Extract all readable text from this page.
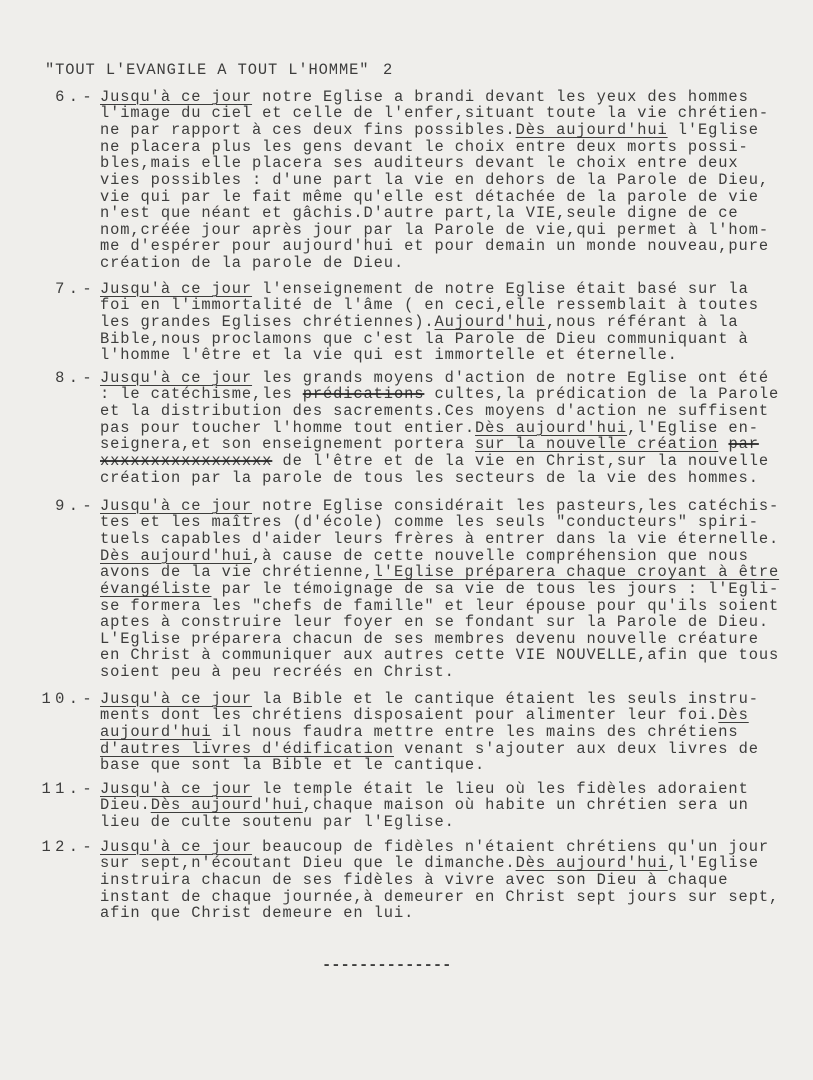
"TOUT L'EVANGILE A TOUT L'HOMME"

2

6.- Jusqu'à ce jour notre Eglise a brandi devant les yeux des hommes
l'image du ciel et celle de l'enfer,situant toute la vie chrétien-
ne par rapport à ces deux fins possibles.Dès aujourd'hui l'Eglise
ne placera plus les gens devant le choix entre deux morts possi-
bles,mais elle placera ses auditeurs devant le choix entre deux
vies possibles : d'une part la vie en dehors de la Parole de Dieu,
vie qui par le fait même qu'elle est détachée de la parole de vie
n'est que néant et gâchis.D'autre part,la VIE,seule digne de ce
nom,créée jour après jour par la Parole de vie,qui permet à l'hom-
me d'espérer pour aujourd'hui et pour demain un monde nouveau,pure
création de la parole de Dieu.
7.- Jusqu'à ce jour l'enseignement de notre Eglise était basé sur la
foi en l'immortalité de l'âme ( en ceci,elle ressemblait à toutes
les grandes Eglises chrétiennes).Aujourd'hui,nous référant à la
Bible,nous proclamons que c'est la Parole de Dieu communiquant à
l'homme l'être et la vie qui est immortelle et éternelle.
8.- Jusqu'à ce jour les grands moyens d'action de notre Eglise ont été
: le catéchisme,les prédications cultes,la prédication de la Parole
et la distribution des sacrements.Ces moyens d'action ne suffisent
pas pour toucher l'homme tout entier.Dès aujourd'hui,l'Eglise en-
seignera,et son enseignement portera sur la nouvelle création par
xxxxxxxxxxxxxxxxx de l'être et de la vie en Christ,sur la nouvelle
création par la parole de tous les secteurs de la vie des hommes.
9.- Jusqu'à ce jour notre Eglise considérait les pasteurs,les catéchis-
tes et les maîtres (d'école) comme les seuls "conducteurs" spiri-
tuels capables d'aider leurs frères à entrer dans la vie éternelle.
Dès aujourd'hui,à cause de cette nouvelle compréhension que nous
avons de la vie chrétienne,l'Eglise préparera chaque croyant à être
évangéliste par le témoignage de sa vie de tous les jours : l'Egli-
se formera les "chefs de famille" et leur épouse pour qu'ils soient
aptes à construire leur foyer en se fondant sur la Parole de Dieu.
L'Eglise préparera chacun de ses membres devenu nouvelle créature
en Christ à communiquer aux autres cette VIE NOUVELLE,afin que tous
soient peu à peu recréés en Christ.
10.- Jusqu'à ce jour la Bible et le cantique étaient les seuls instru-
ments dont les chrétiens disposaient pour alimenter leur foi.Dès
aujourd'hui il nous faudra mettre entre les mains des chrétiens
d'autres livres d'édification venant s'ajouter aux deux livres de
base que sont la Bible et le cantique.
11.- Jusqu'à ce jour le temple était le lieu où les fidèles adoraient
Dieu.Dès aujourd'hui,chaque maison où habite un chrétien sera un
lieu de culte soutenu par l'Eglise.
12.- Jusqu'à ce jour beaucoup de fidèles n'étaient chrétiens qu'un jour
sur sept,n'écoutant Dieu que le dimanche.Dès aujourd'hui,l'Eglise
instruira chacun de ses fidèles à vivre avec son Dieu à chaque
instant de chaque journée,à demeurer en Christ sept jours sur sept,
afin que Christ demeure en lui.

--------------
